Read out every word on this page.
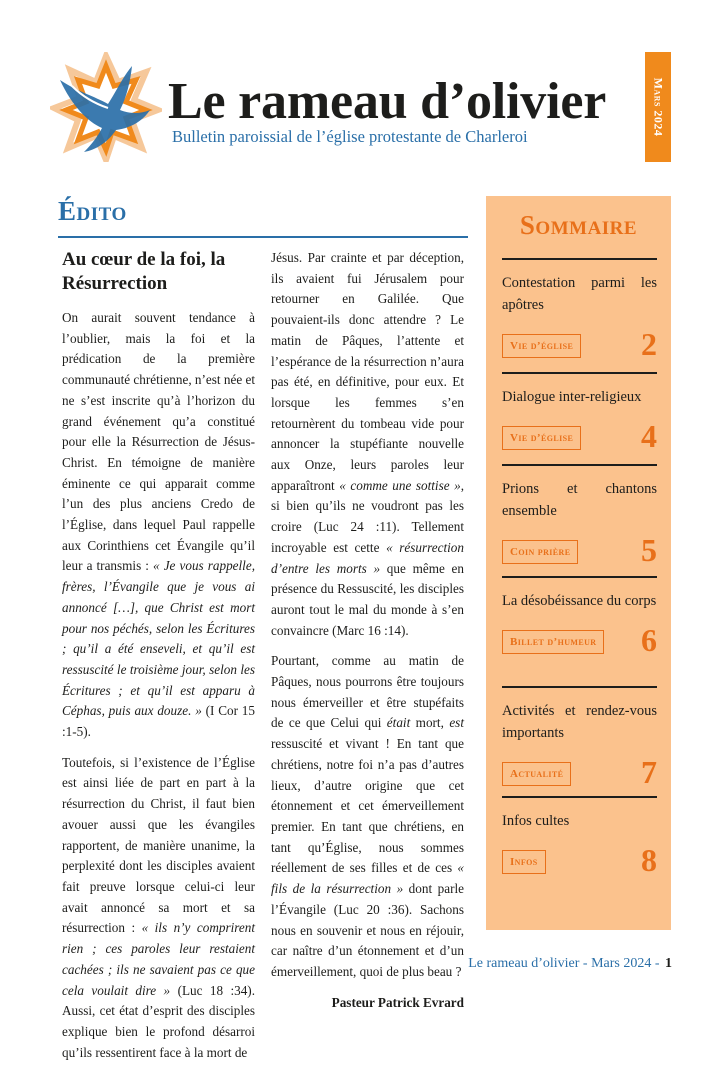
Le rameau d’olivier
Bulletin paroissial de l’église protestante de Charleroi
Mars 2024
Édito
Au cœur de la foi, la Résurrection

On aurait souvent tendance à l’oublier, mais la foi et la prédication de la première communauté chrétienne, n’est née et ne s’est inscrite qu’à l’horizon du grand événement qu’a constitué pour elle la Résurrection de Jésus-Christ. En témoigne de manière éminente ce qui apparait comme l’un des plus anciens Credo de l’Église, dans lequel Paul rappelle aux Corinthiens cet Évangile qu’il leur a transmis : « Je vous rappelle, frères, l’Évangile que je vous ai annoncé […], que Christ est mort pour nos péchés, selon les Écritures ; qu’il a été enseveli, et qu’il est ressuscité le troisième jour, selon les Écritures ; et qu’il est apparu à Céphas, puis aux douze. » (I Cor 15 :1-5).

Toutefois, si l’existence de l’Église est ainsi liée de part en part à la résurrection du Christ, il faut bien avouer aussi que les évangiles rapportent, de manière unanime, la perplexité dont les disciples avaient fait preuve lorsque celui-ci leur avait annoncé sa mort et sa résurrection : « ils n’y comprirent rien ; ces paroles leur restaient cachées ; ils ne savaient pas ce que cela voulait dire » (Luc 18 :34). Aussi, cet état d’esprit des disciples explique bien le profond désarroi qu’ils ressentirent face à la mort de

Jésus. Par crainte et par déception, ils avaient fui Jérusalem pour retourner en Galilée. Que pouvaient-ils donc attendre ? Le matin de Pâques, l’attente et l’espérance de la résurrection n’aura pas été, en définitive, pour eux. Et lorsque les femmes s’en retournèrent du tombeau vide pour annoncer la stupéfiante nouvelle aux Onze, leurs paroles leur apparaîtront « comme une sottise », si bien qu’ils ne voudront pas les croire (Luc 24 :11). Tellement incroyable est cette « résurrection d’entre les morts » que même en présence du Ressuscité, les disciples auront tout le mal du monde à s’en convaincre (Marc 16 :14).

Pourtant, comme au matin de Pâques, nous pourrons être toujours nous émerveiller et être stupéfaits de ce que Celui qui était mort, est ressuscité et vivant ! En tant que chrétiens, notre foi n’a pas d’autres lieux, d’autre origine que cet étonnement et cet émerveillement premier. En tant que chrétiens, en tant qu’Église, nous sommes réellement de ses filles et de ces « fils de la résurrection » dont parle l’Évangile (Luc 20 :36). Sachons nous en souvenir et nous en réjouir, car naître d’un étonnement et d’un émerveillement, quoi de plus beau ?

Pasteur Patrick Evrard
Sommaire
Contestation parmi les apôtres
Vie d’église 2
Dialogue inter-religieux
Vie d’église 4
Prions et chantons ensemble
Coin prière 5
La désobéissance du corps
Billet d’humeur 6
Activités et rendez-vous importants
Actualité 7
Infos cultes
Infos	8
Le rameau d’olivier - Mars 2024 - 1
